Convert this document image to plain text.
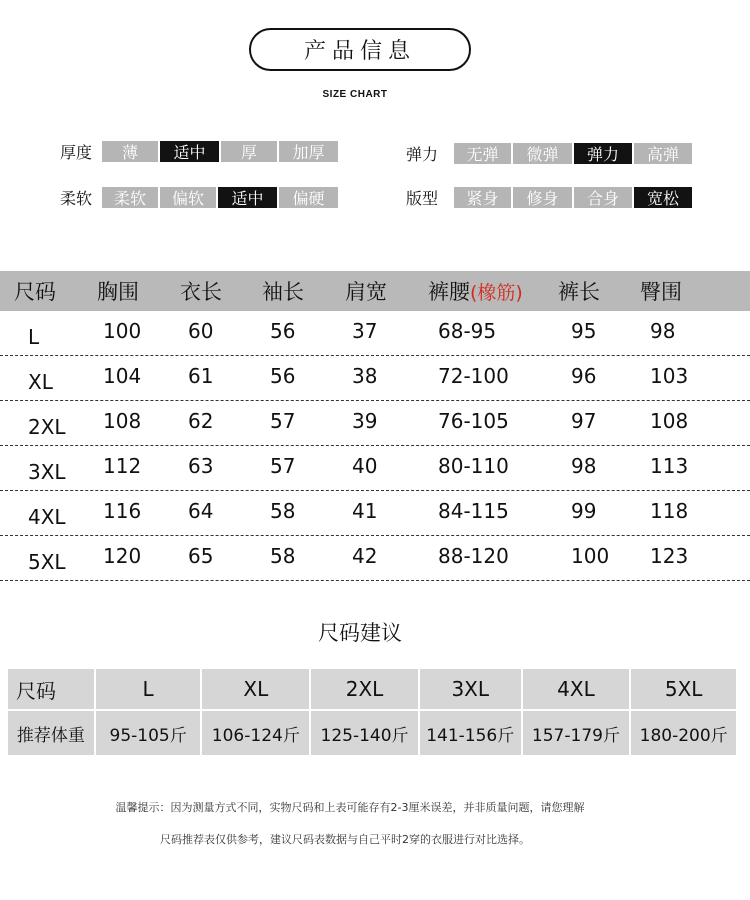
产品信息
SIZE CHART
厚度	薄	适中	厚	加厚	弹力	无弹	微弹	弹力	高弹
柔软	柔软	偏软	适中	偏硬	版型	紧身	修身	合身	宽松
尺码 胸围 衣长 袖长 肩宽 裤腰(橡筋) 裤长 臀围
L	100 60	56	37	68-95	95	98
XL	104 61	56	38	72-100	96	103
2XL 108 62	57	39	76-105	97	108
3XL 112 63	57	40	80-110	98	113
4XL 116 64	58	41	84-115	99	118
5XL 120 65	58	42	88-120	100 123
尺码建议
尺码	L	XL	2XL	3XL	4XL	5XL
推荐体重	95-105斤	106-124斤	125-140斤	141-156斤	157-179斤	180-200斤
温馨提示：因为测量方式不同，实物尺码和上表可能存有2-3厘米误差，并非质量问题，请您理解
尺码推荐表仅供参考，建议尺码表数据与自己平时2穿的衣服进行对比选择。
